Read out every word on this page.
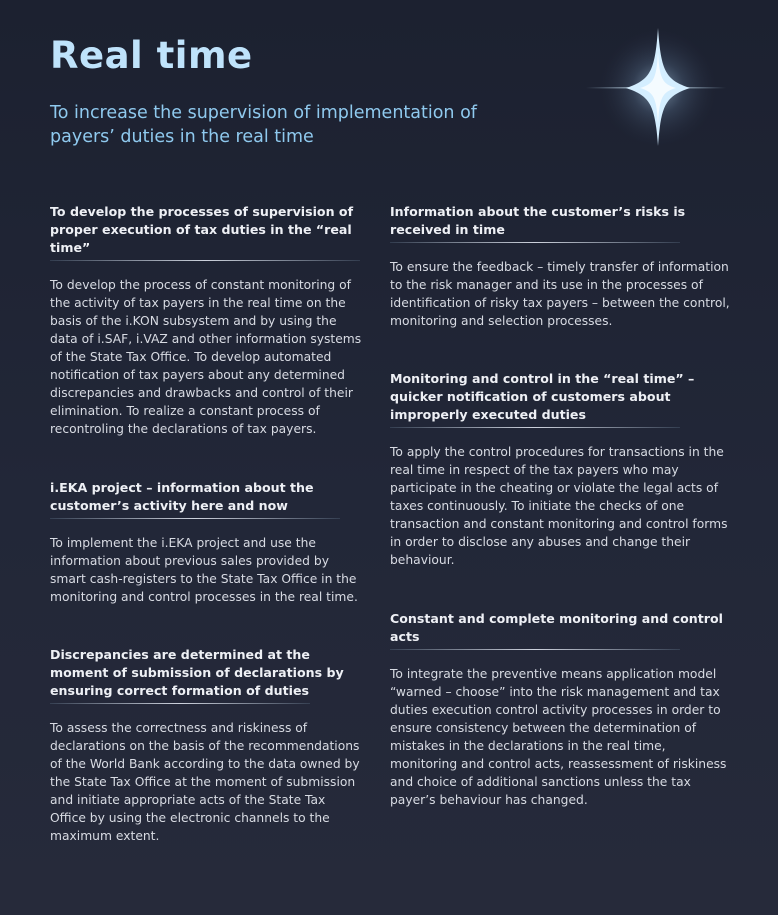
Real time
To increase the supervision of implementation of payers’ duties in the real time
To develop the processes of supervision of proper execution of tax duties in the “real time”

To develop the process of constant monitoring of the activity of tax payers in the real time on the basis of the i.KON subsystem and by using the data of i.SAF, i.VAZ and other information systems of the State Tax Office. To develop automated notification of tax payers about any determined discrepancies and drawbacks and control of their elimination. To realize a constant process of recontroling the declarations of tax payers.

i.EKA project – information about the customer’s activity here and now

To implement the i.EKA project and use the information about previous sales provided by smart cash-registers to the State Tax Office in the monitoring and control processes in the real time.

Discrepancies are determined at the moment of submission of declarations by ensuring correct formation of duties

To assess the correctness and riskiness of declarations on the basis of the recommendations of the World Bank according to the data owned by the State Tax Office at the moment of submission and initiate appropriate acts of the State Tax Office by using the electronic channels to the maximum extent.

Information about the customer’s risks is received in time

To ensure the feedback – timely transfer of information to the risk manager and its use in the processes of identification of risky tax payers – between the control, monitoring and selection processes.

Monitoring and control in the “real time” – quicker notification of customers about improperly executed duties

To apply the control procedures for transactions in the real time in respect of the tax payers who may participate in the cheating or violate the legal acts of taxes continuously. To initiate the checks of one transaction and constant monitoring and control forms in order to disclose any abuses and change their behaviour.

Constant and complete monitoring and control acts

To integrate the preventive means application model “warned – choose” into the risk management and tax duties execution control activity processes in order to ensure consistency between the determination of mistakes in the declarations in the real time, monitoring and control acts, reassessment of riskiness and choice of additional sanctions unless the tax payer’s behaviour has changed.
